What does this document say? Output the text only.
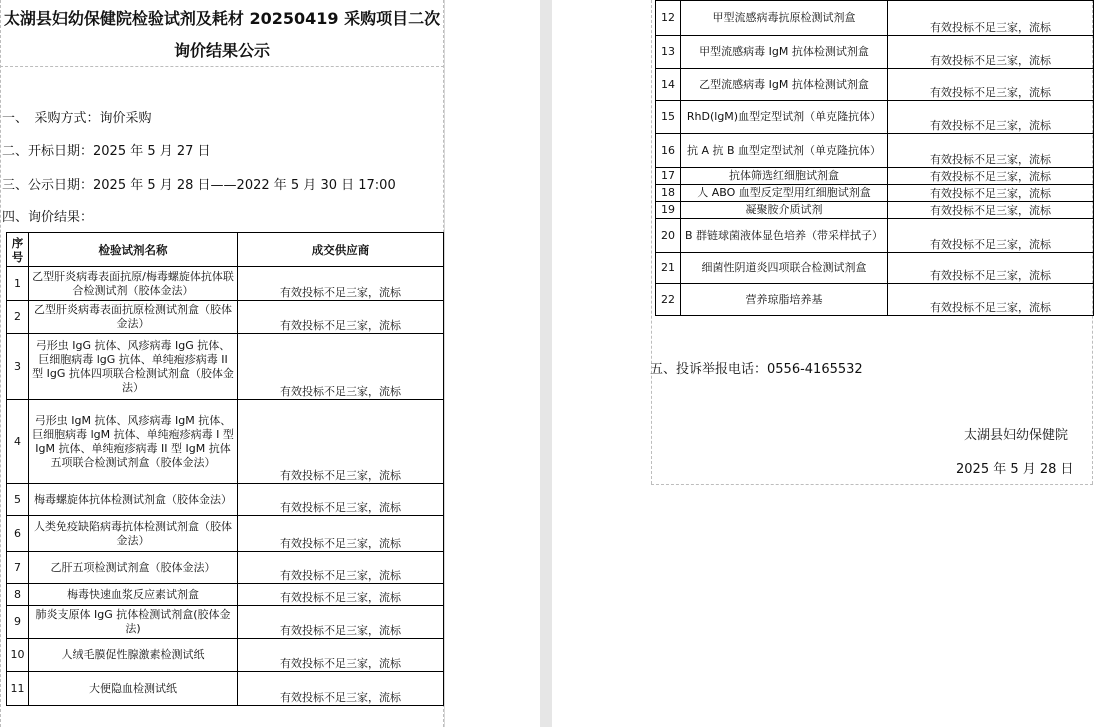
太湖县妇幼保健院检验试剂及耗材 20250419 采购项目二次
询价结果公示
一、　采购方式：询价采购
二、开标日期：2025 年 5 月 27 日
三、公示日期：2025 年 5 月 28 日——2022 年 5 月 30 日 17:00
四、询价结果：
序号	检验试剂名称	成交供应商
1	乙型肝炎病毒表面抗原/梅毒螺旋体抗体联合检测试剂（胶体金法）	有效投标不足三家，流标
2	乙型肝炎病毒表面抗原检测试剂盒（胶体金法）	有效投标不足三家，流标
3	弓形虫 IgG 抗体、风疹病毒 IgG 抗体、巨细胞病毒 lgG 抗体、单纯疱疹病毒 II 型 IgG 抗体四项联合检测试剂盒（胶体金法）	有效投标不足三家，流标
4	弓形虫 IgM 抗体、风疹病毒 IgM 抗体、巨细胞病毒 lgM 抗体、单纯疱疹病毒 I 型 IgM 抗体、单纯疱疹病毒 II 型 IgM 抗体五项联合检测试剂盒（胶体金法）	有效投标不足三家，流标
5	梅毒螺旋体抗体检测试剂盒（胶体金法）	有效投标不足三家，流标
6	人类免疫缺陷病毒抗体检测试剂盒（胶体金法）	有效投标不足三家，流标
7	乙肝五项检测试剂盒（胶体金法）	有效投标不足三家，流标
8	梅毒快速血浆反应素试剂盒	有效投标不足三家，流标
9	肺炎支原体 IgG 抗体检测试剂盒(胶体金法)	有效投标不足三家，流标
10	人绒毛膜促性腺激素检测试纸	有效投标不足三家，流标
11	大便隐血检测试纸	有效投标不足三家，流标
12	甲型流感病毒抗原检测试剂盒	有效投标不足三家，流标
13	甲型流感病毒 IgM 抗体检测试剂盒	有效投标不足三家，流标
14	乙型流感病毒 IgM 抗体检测试剂盒	有效投标不足三家，流标
15	RhD(lgM)血型定型试剂（单克隆抗体）	有效投标不足三家，流标
16	抗 A 抗 B 血型定型试剂（单克隆抗体）	有效投标不足三家，流标
17	抗体筛选红细胞试剂盒	有效投标不足三家，流标
18	人 ABO 血型反定型用红细胞试剂盒	有效投标不足三家，流标
19	凝聚胺介质试剂	有效投标不足三家，流标
20	B 群链球菌液体显色培养（带采样拭子）	有效投标不足三家，流标
21	细菌性阴道炎四项联合检测试剂盒	有效投标不足三家，流标
22	营养琼脂培养基	有效投标不足三家，流标
五、投诉举报电话：0556-4165532
太湖县妇幼保健院
2025 年 5 月 28 日
